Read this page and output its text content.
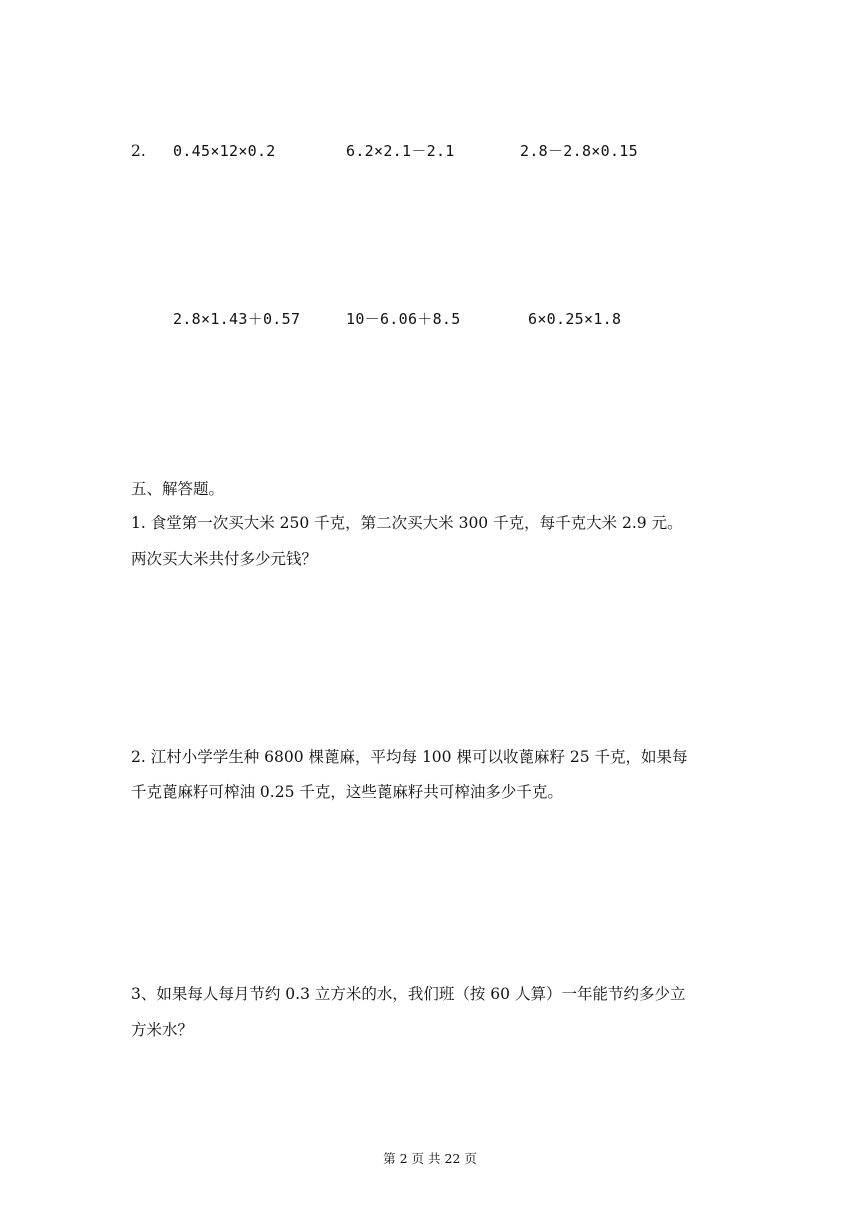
2. 0.45×12×0.2	6.2×2.1－2.1	2.8－2.8×0.15
2.8×1.43＋0.57	10－6.06＋8.5	6×0.25×1.8
五、解答题。
1. 食堂第一次买大米 250 千克，第二次买大米 300 千克，每千克大米 2.9 元。
两次买大米共付多少元钱？
2. 江村小学学生种 6800 棵蓖麻，平均每 100 棵可以收蓖麻籽 25 千克，如果每
千克蓖麻籽可榨油 0.25 千克，这些蓖麻籽共可榨油多少千克。
3、如果每人每月节约 0.3 立方米的水，我们班（按 60 人算）一年能节约多少立
方米水？
第 2 页 共 22 页
